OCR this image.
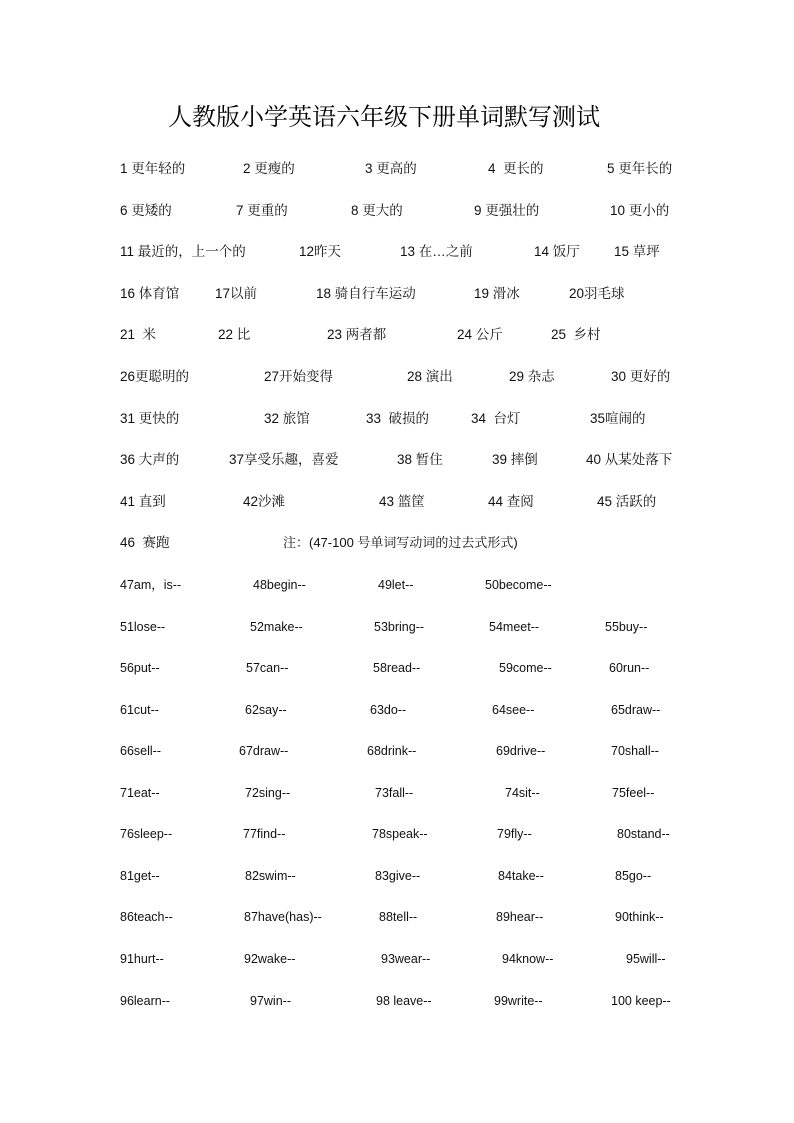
人教版小学英语六年级下册单词默写测试
1 更年轻的	2 更瘦的	3 更高的	4  更长的	5 更年长的
6 更矮的	7 更重的	8 更大的	9 更强壮的	10 更小的
11 最近的，上一个的	12昨天	13 在…之前	14 饭厅	15 草坪
16 体育馆	17以前	18 骑自行车运动	19 滑冰	20羽毛球
21  米	22 比	23 两者都	24 公斤	25  乡村
26更聪明的	27开始变得	28 演出	29 杂志	30 更好的
31 更快的	32 旅馆	33  破损的	34  台灯	35喧闹的
36 大声的	37享受乐趣，喜爱	38 暂住	39 摔倒	40 从某处落下
41 直到	42沙滩	43 篮筐	44 查阅	45 活跃的
46  赛跑	注：(47-100 号单词写动词的过去式形式)
47am，is--	48begin--	49let--	50become--
51lose--	52make--	53bring--	54meet--	55buy--
56put--	57can--	58read--	59come--	60run--
61cut--	62say--	63do--	64see--	65draw--
66sell--	67draw--	68drink--	69drive--	70shall--
71eat--	72sing--	73fall--	74sit--	75feel--
76sleep--	77find--	78speak--	79fly--	80stand--
81get--	82swim--	83give--	84take--	85go--
86teach--	87have(has)--	88tell--	89hear--	90think--
91hurt--	92wake--	93wear--	94know--	95will--
96learn--	97win--	98 leave--	99write--	100 keep--
